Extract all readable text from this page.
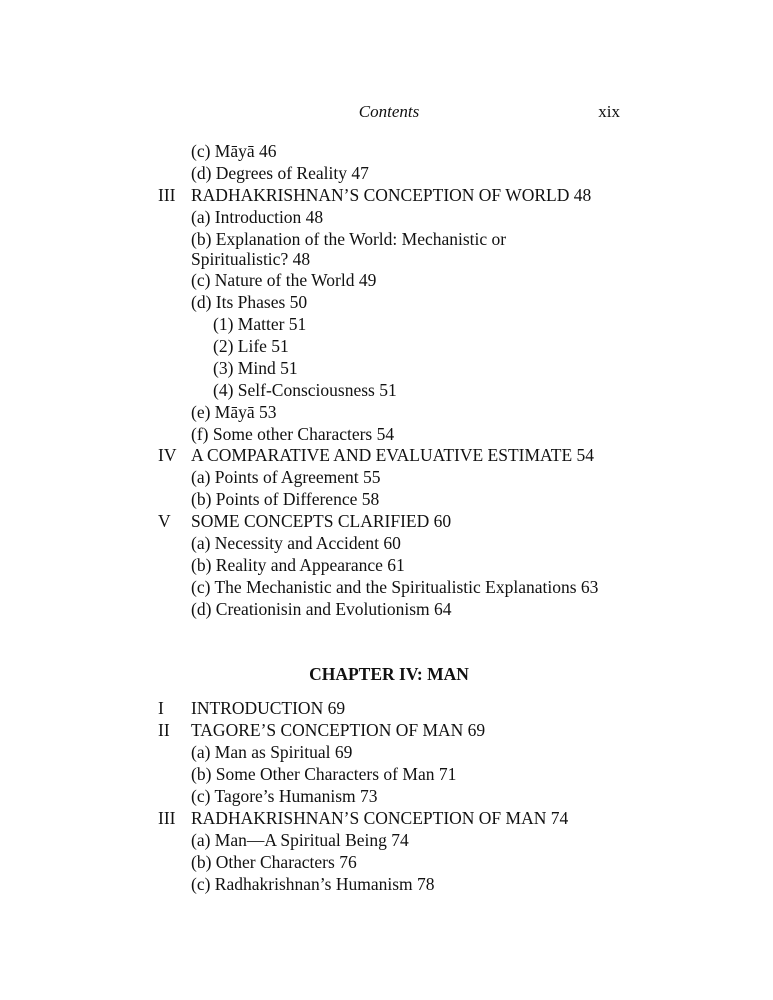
Contents	xix
(c) Māyā 46
(d) Degrees of Reality 47
III RADHAKRISHNAN’S CONCEPTION OF WORLD 48
(a) Introduction 48
(b) Explanation of the World: Mechanistic or
Spiritualistic? 48
(c) Nature of the World 49
(d) Its Phases 50
(1) Matter 51
(2) Life 51
(3) Mind 51
(4) Self-Consciousness 51
(e) Māyā 53
(f) Some other Characters 54
IV A COMPARATIVE AND EVALUATIVE ESTIMATE 54
(a) Points of Agreement 55
(b) Points of Difference 58
V SOME CONCEPTS CLARIFIED 60
(a) Necessity and Accident 60
(b) Reality and Appearance 61
(c) The Mechanistic and the Spiritualistic Explanations 63
(d) Creationisin and Evolutionism 64
CHAPTER IV: MAN
I INTRODUCTION 69
II TAGORE’S CONCEPTION OF MAN 69
(a) Man as Spiritual 69
(b) Some Other Characters of Man 71
(c) Tagore’s Humanism 73
III RADHAKRISHNAN’S CONCEPTION OF MAN 74
(a) Man—A Spiritual Being 74
(b) Other Characters 76
(c) Radhakrishnan’s Humanism 78
